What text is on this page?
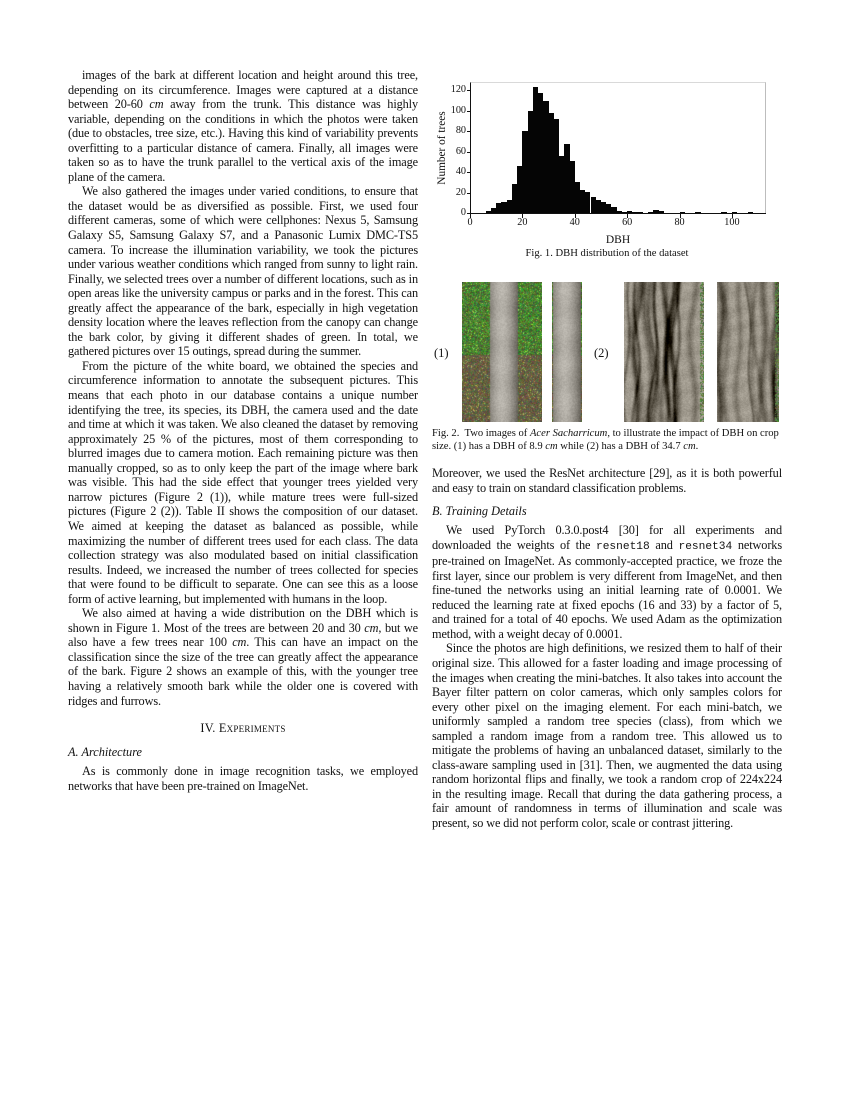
images of the bark at different location and height around this tree, depending on its circumference. Images were captured at a distance between 20-60 cm away from the trunk. This distance was highly variable, depending on the conditions in which the photos were taken (due to obstacles, tree size, etc.). Having this kind of variability prevents overfitting to a particular distance of camera. Finally, all images were taken so as to have the trunk parallel to the vertical axis of the image plane of the camera.

We also gathered the images under varied conditions, to ensure that the dataset would be as diversified as possible. First, we used four different cameras, some of which were cellphones: Nexus 5, Samsung Galaxy S5, Samsung Galaxy S7, and a Panasonic Lumix DMC-TS5 camera. To increase the illumination variability, we took the pictures under various weather conditions which ranged from sunny to light rain. Finally, we selected trees over a number of different locations, such as in open areas like the university campus or parks and in the forest. This can greatly affect the appearance of the bark, especially in high vegetation density location where the leaves reflection from the canopy can change the bark color, by giving it different shades of green. In total, we gathered pictures over 15 outings, spread during the summer.

From the picture of the white board, we obtained the species and circumference information to annotate the subsequent pictures. This means that each photo in our database contains a unique number identifying the tree, its species, its DBH, the camera used and the date and time at which it was taken. We also cleaned the dataset by removing approximately 25 % of the pictures, most of them corresponding to blurred images due to camera motion. Each remaining picture was then manually cropped, so as to only keep the part of the image where bark was visible. This had the side effect that younger trees yielded very narrow pictures (Figure 2 (1)), while mature trees were full-sized pictures (Figure 2 (2)). Table II shows the composition of our dataset. We aimed at keeping the dataset as balanced as possible, while maximizing the number of different trees used for each class. The data collection strategy was also modulated based on initial classification results. Indeed, we increased the number of trees collected for species that were found to be difficult to separate. One can see this as a loose form of active learning, but implemented with humans in the loop.

We also aimed at having a wide distribution on the DBH which is shown in Figure 1. Most of the trees are between 20 and 30 cm, but we also have a few trees near 100 cm. This can have an impact on the classification since the size of the tree can greatly affect the appearance of the bark. Figure 2 shows an example of this, with the younger tree having a relatively smooth bark while the older one is covered with ridges and furrows.

IV. Experiments
A. Architecture

As is commonly done in image recognition tasks, we employed networks that have been pre-trained on ImageNet.

Number of trees
0
20
40
60
80
100
120
0	20	40	60	80	100
DBH
Fig. 1. DBH distribution of the dataset
(1)	(2)
Fig. 2.  Two images of Acer Sacharricum, to illustrate the impact of DBH on crop size. (1) has a DBH of 8.9 cm while (2) has a DBH of 34.7 cm.

Moreover, we used the ResNet architecture [29], as it is both powerful and easy to train on standard classification problems.

B. Training Details

We used PyTorch 0.3.0.post4 [30] for all experiments and downloaded the weights of the resnet18 and resnet34 networks pre-trained on ImageNet. As commonly-accepted practice, we froze the first layer, since our problem is very different from ImageNet, and then fine-tuned the networks using an initial learning rate of 0.0001. We reduced the learning rate at fixed epochs (16 and 33) by a factor of 5, and trained for a total of 40 epochs. We used Adam as the optimization method, with a weight decay of 0.0001.

Since the photos are high definitions, we resized them to half of their original size. This allowed for a faster loading and image processing of the images when creating the mini-batches. It also takes into account the Bayer filter pattern on color cameras, which only samples colors for every other pixel on the imaging element. For each mini-batch, we uniformly sampled a random tree species (class), from which we sampled a random image from a random tree. This allowed us to mitigate the problems of having an unbalanced dataset, similarly to the class-aware sampling used in [31]. Then, we augmented the data using random horizontal flips and finally, we took a random crop of 224x224 in the resulting image. Recall that during the data gathering process, a fair amount of randomness in terms of illumination and scale was present, so we did not perform color, scale or contrast jittering.
